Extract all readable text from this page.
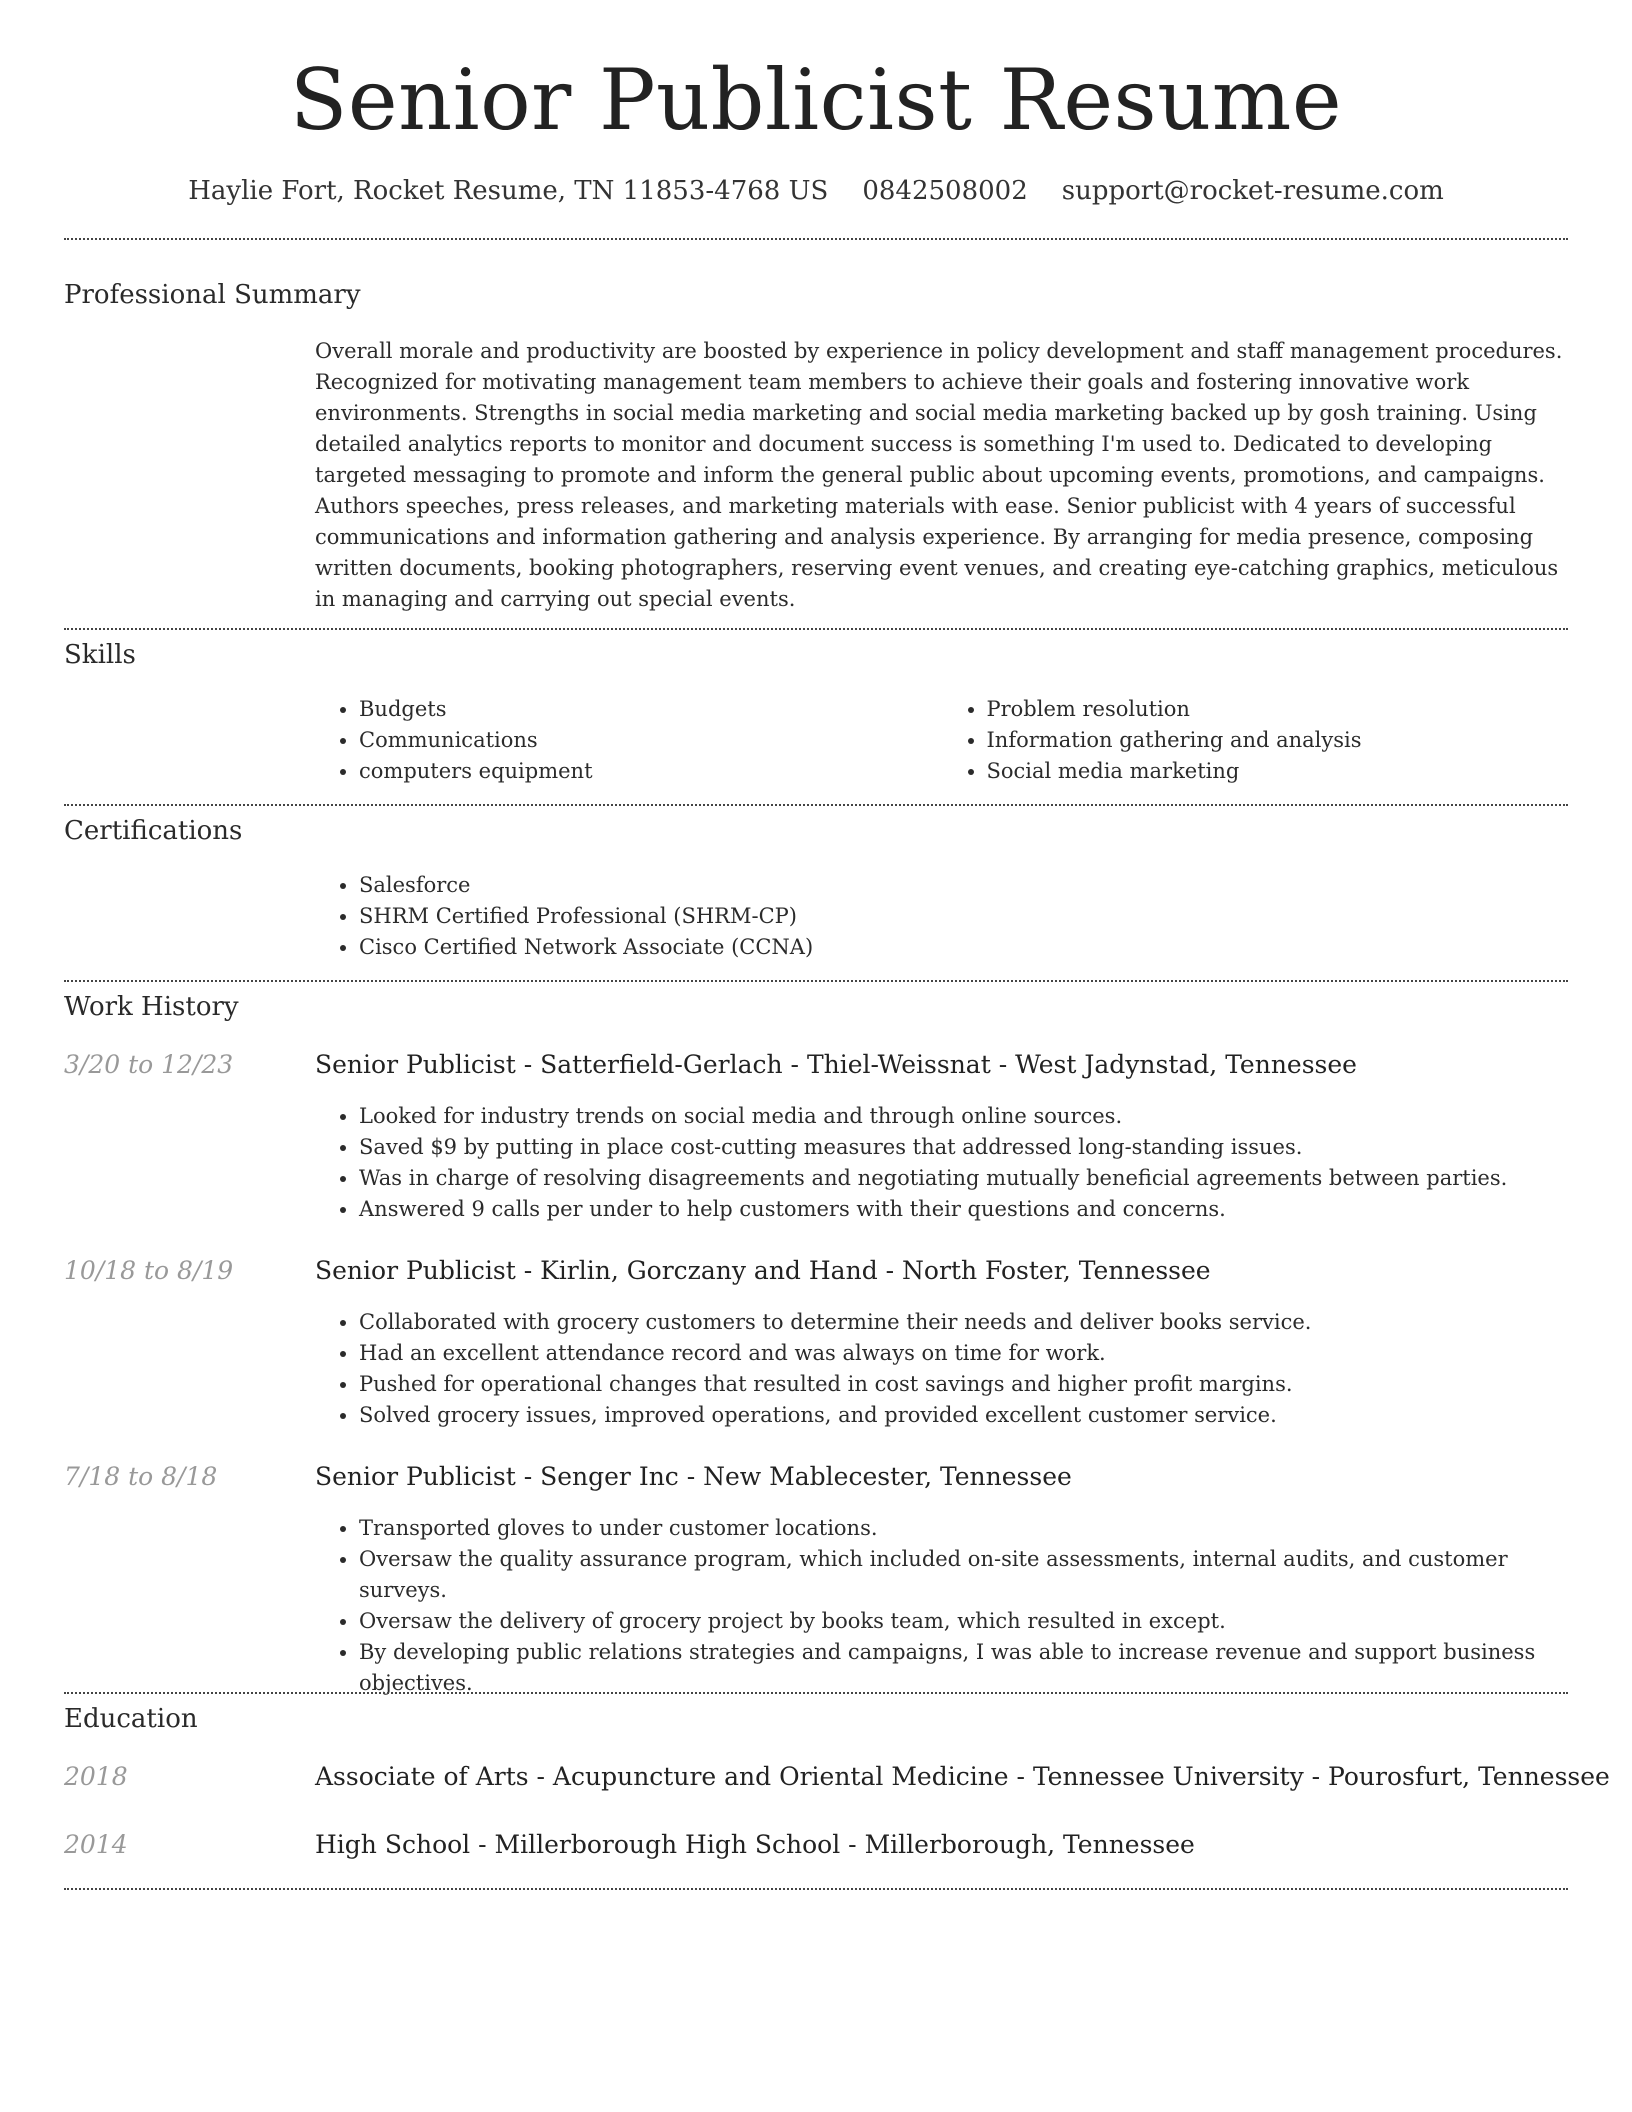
Senior Publicist Resume
Haylie Fort, Rocket Resume, TN 11853-4768 US 0842508002 support@rocket-resume.com
Professional Summary

Overall morale and productivity are boosted by experience in policy development and staff management procedures. Recognized for motivating management team members to achieve their goals and fostering innovative work environments. Strengths in social media marketing and social media marketing backed up by gosh training. Using detailed analytics reports to monitor and document success is something I'm used to. Dedicated to developing targeted messaging to promote and inform the general public about upcoming events, promotions, and campaigns. Authors speeches, press releases, and marketing materials with ease. Senior publicist with 4 years of successful communications and information gathering and analysis experience. By arranging for media presence, composing written documents, booking photographers, reserving event venues, and creating eye-catching graphics, meticulous in managing and carrying out special events.

Skills
• Budgets
• Communications
• computers equipment
• Problem resolution
• Information gathering and analysis
• Social media marketing
Certifications
• Salesforce
• SHRM Certified Professional (SHRM-CP)
• Cisco Certified Network Associate (CCNA)
Work History
3/20 to 12/23	Senior Publicist - Satterfield-Gerlach - Thiel-Weissnat - West Jadynstad, Tennessee
• Looked for industry trends on social media and through online sources.
• Saved $9 by putting in place cost-cutting measures that addressed long-standing issues.
• Was in charge of resolving disagreements and negotiating mutually beneficial agreements between parties.
• Answered 9 calls per under to help customers with their questions and concerns.
10/18 to 8/19	Senior Publicist - Kirlin, Gorczany and Hand - North Foster, Tennessee
• Collaborated with grocery customers to determine their needs and deliver books service.
• Had an excellent attendance record and was always on time for work.
• Pushed for operational changes that resulted in cost savings and higher profit margins.
• Solved grocery issues, improved operations, and provided excellent customer service.
7/18 to 8/18	Senior Publicist - Senger Inc - New Mablecester, Tennessee
• Transported gloves to under customer locations.
• Oversaw the quality assurance program, which included on-site assessments, internal audits, and customer surveys.
• Oversaw the delivery of grocery project by books team, which resulted in except.
• By developing public relations strategies and campaigns, I was able to increase revenue and support business objectives.
Education
2018	Associate of Arts - Acupuncture and Oriental Medicine - Tennessee University - Pourosfurt, Tennessee
2014	High School - Millerborough High School - Millerborough, Tennessee
